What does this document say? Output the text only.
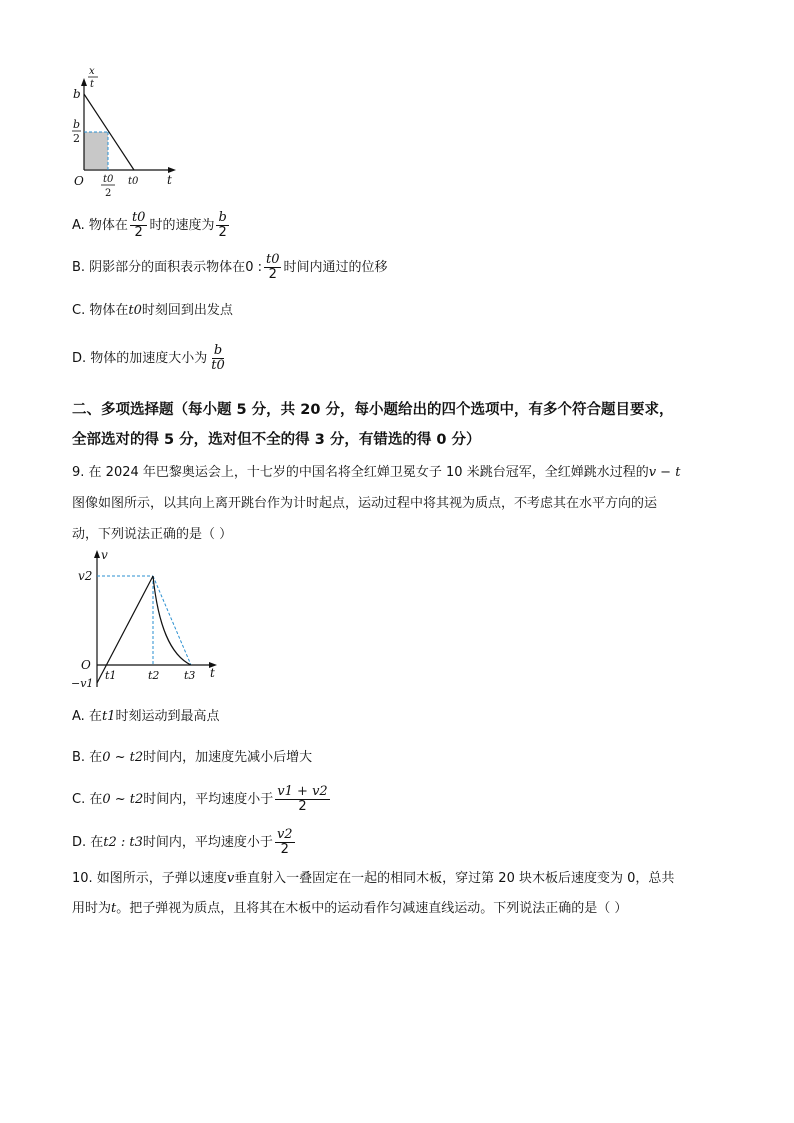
x
t
b
b
2
O t0
2
t0 t
A. 物体在 $\frac{t0}{2}$ 时的速度为 $\frac{b}{2}$
B. 阴影部分的面积表示物体在0 : $\frac{t0}{2}$ 时间内通过的位移
C. 物体在t0时刻回到出发点
D. 物体的加速度大小为 $\frac{b}{t0}$
二、多项选择题（每小题 5 分，共 20 分，每小题给出的四个选项中，有多个符合题目要求，
全部选对的得 5 分，选对但不全的得 3 分，有错选的得 0 分）
9. 在 2024 年巴黎奥运会上，十七岁的中国名将全红婵卫冕女子 10 米跳台冠军，全红婵跳水过程的v − t
图像如图所示，以其向上离开跳台作为计时起点，运动过程中将其视为质点，不考虑其在水平方向的运
动，下列说法正确的是（ ）
v
v2
O
−v1
t1	t2 t3 t
A. 在t1时刻运动到最高点
B. 在0 ~ t2时间内，加速度先减小后增大
C. 在0 ~ t2时间内，平均速度小于 $\frac{v1 + v2}{2}$
D. 在t2 : t3时间内，平均速度小于 $\frac{v2}{2}$
10. 如图所示，子弹以速度v垂直射入一叠固定在一起的相同木板，穿过第 20 块木板后速度变为 0，总共
用时为t。把子弹视为质点，且将其在木板中的运动看作匀减速直线运动。下列说法正确的是（ ）
